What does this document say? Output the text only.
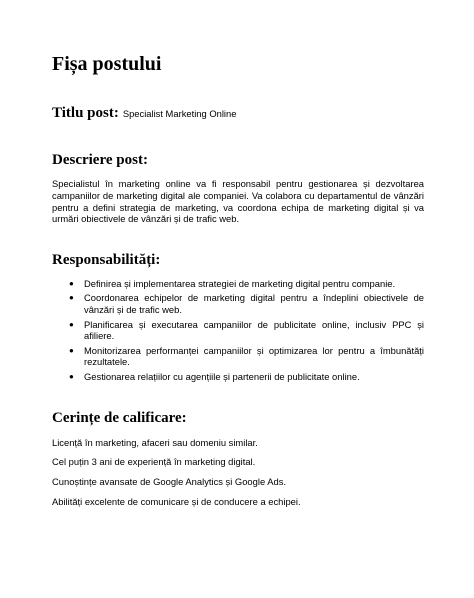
Fișa postului
Titlu post: Specialist Marketing Online
Descriere post:

Specialistul în marketing online va fi responsabil pentru gestionarea și dezvoltarea campaniilor de marketing digital ale companiei. Va colabora cu departamentul de vânzări pentru a defini strategia de marketing, va coordona echipa de marketing digital și va urmări obiectivele de vânzări și de trafic web.

Responsabilități:
● Definirea și implementarea strategiei de marketing digital pentru companie.
● Coordonarea echipelor de marketing digital pentru a îndeplini obiectivele de vânzări și de trafic web.
● Planificarea și executarea campaniilor de publicitate online, inclusiv PPC și afiliere.
● Monitorizarea performanței campaniilor și optimizarea lor pentru a îmbunătăți rezultatele.
● Gestionarea relațiilor cu agențiile și partenerii de publicitate online.
Cerințe de calificare:

Licență în marketing, afaceri sau domeniu similar.

Cel puțin 3 ani de experiență în marketing digital.

Cunoștințe avansate de Google Analytics și Google Ads.

Abilități excelente de comunicare și de conducere a echipei.
